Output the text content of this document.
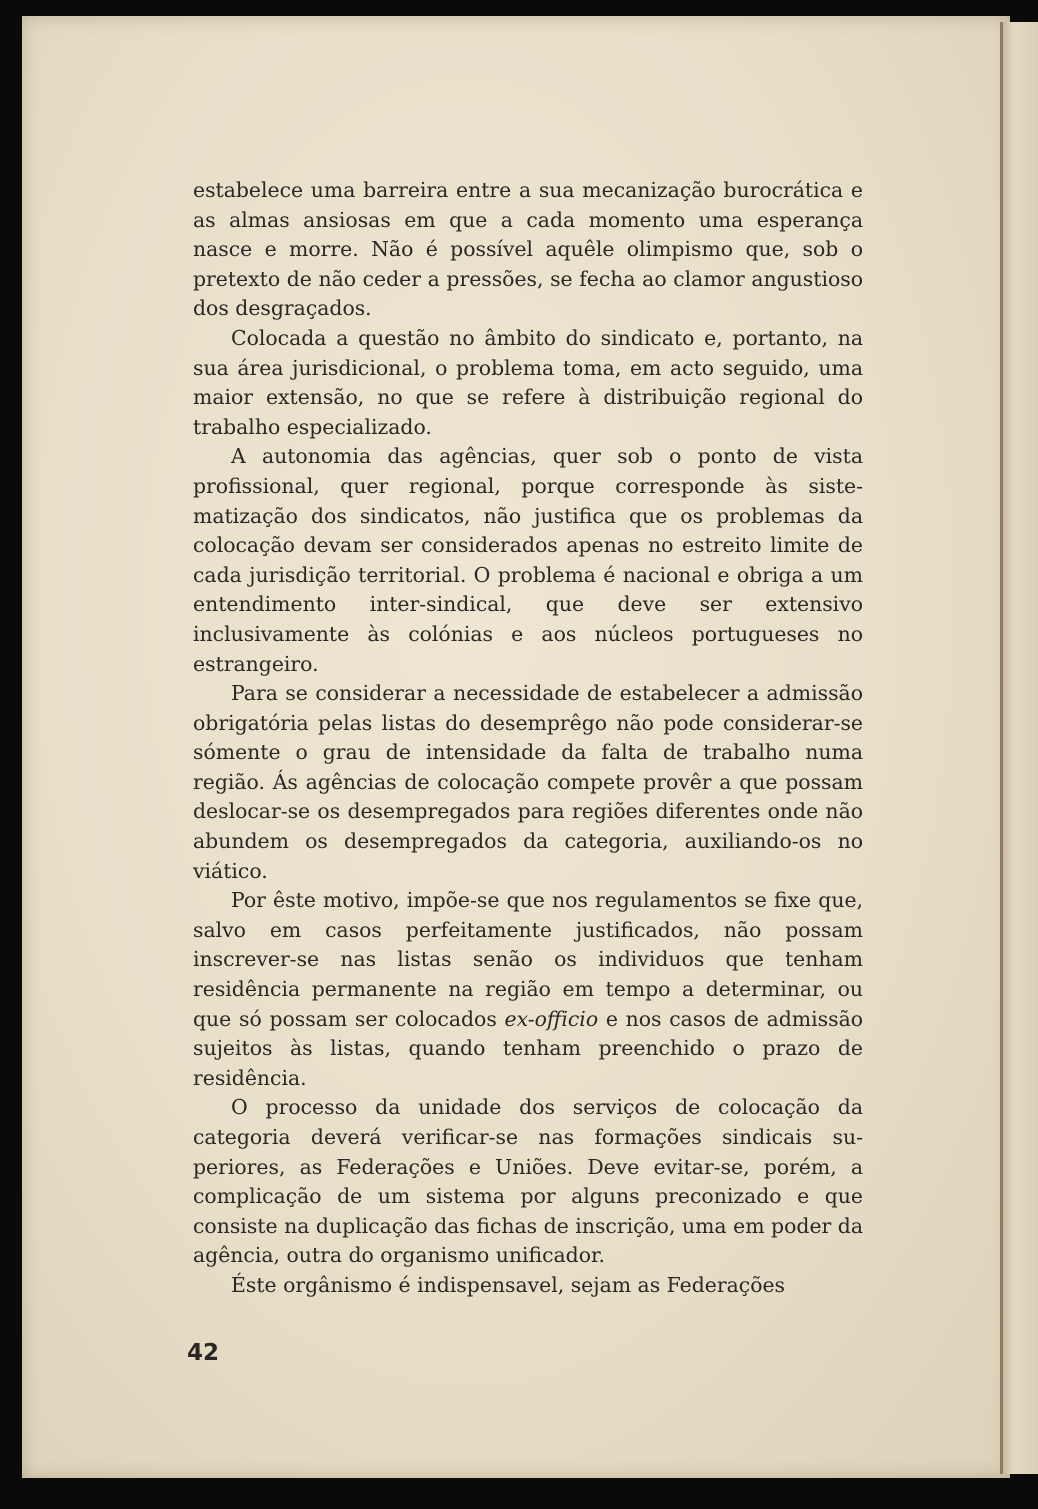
estabelece uma barreira entre a sua mecanização burocrática e as almas ansiosas em que a cada momento uma esperança nasce e morre. Não é possível aquêle olimpismo que, sob o pretexto de não ceder a pressões, se fecha ao clamor angustioso dos desgraçados.

Colocada a questão no âmbito do sindicato e, portanto, na sua área jurisdicional, o problema toma, em acto seguido, uma maior extensão, no que se refere à distribuição regional do trabalho especializado.

A autonomia das agências, quer sob o ponto de vista profissional, quer regional, porque corresponde às sistematização dos sindicatos, não justifica que os problemas da colocação devam ser considerados apenas no estreito limite de cada jurisdição territorial. O problema é nacional e obriga a um entendimento inter-sindical, que deve ser extensivo inclusivamente às colónias e aos núcleos portugueses no estrangeiro.

Para se considerar a necessidade de estabelecer a admissão obrigatória pelas listas do desemprêgo não pode considerar-se sómente o grau de intensidade da falta de trabalho numa região. Ás agências de colocação compete provêr a que possam deslocar-se os desempregados para regiões diferentes onde não abundem os desempregados da categoria, auxiliando-os no viático.

Por êste motivo, impõe-se que nos regulamentos se fixe que, salvo em casos perfeitamente justificados, não possam inscrever-se nas listas senão os individuos que tenham residência permanente na região em tempo a determinar, ou que só possam ser colocados ex-officio e nos casos de admissão sujeitos às listas, quando tenham preenchido o prazo de residência.

O processo da unidade dos serviços de colocação da categoria deverá verificar-se nas formações sindicais superiores, as Federações e Uniões. Deve evitar-se, porém, a complicação de um sistema por alguns preconizado e que consiste na duplicação das fichas de inscrição, uma em poder da agência, outra do organismo unificador.

Éste orgânismo é indispensavel, sejam as Federações

42
